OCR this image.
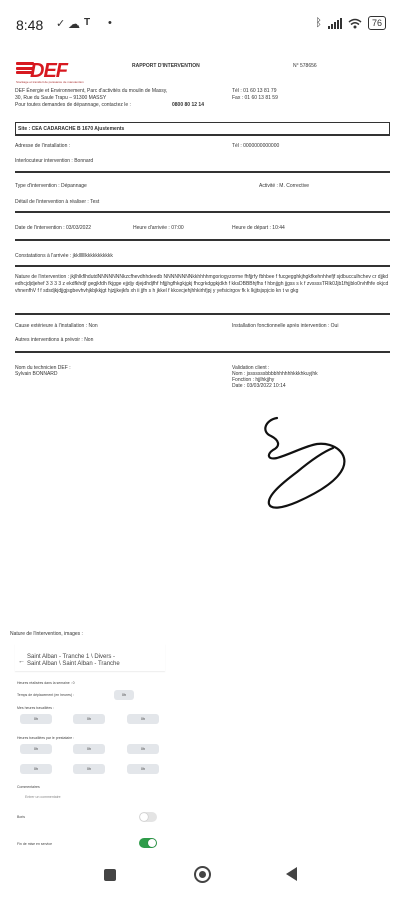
8:48 ✓ ☁ T •	ᛒ	76
DEF
Stockage et transfert de puissance de manutention
RAPPORT D'INTERVENTION	N° 578656
DEF Énergie et Environnement, Parc d'activités du moulin de Massy,
30, Rue du Saule Trapu – 91300 MASSY
Pour toutes demandes de dépannage, contactez le :	0800 80 12 14
Tél : 01 60 13 81 79
Fax : 01 60 13 81 59
Site : CEA CADARACHE B 1670 Ajustements
Adresse de l'installation :	Tél : 0000000000000
Interlocuteur intervention : Bonnard
Type d'intervention : Dépannage	Activité : M. Corrective
Détail de l'intervention à réaliser : Test
Date de l'intervention : 03/03/2022	Heure d'arrivée : 07:00	Heure de départ : 10:44
Constatations à l'arrivée : jkkllllllkkkkkkkkkkk
Nature de l'intervention : jkjlhlkflhdutdNNNNNNNkzcfhevdhhdeedb NNNNNNNNkkhhhhmgoriogyzorme fhfjjrfy fbhbee f fucgegghkjhgkfkehnhhefjf sjdbucculhchev cr djjkdedhcjdjdjehef 3 3 3 3 z ekdfkhdjf gegjkfdh fkjgge ejjdjy djejdhdjfhf hfjjjhgfhkgkjgkj fhcgrkdggkjdkh f kksDBBBhjfhs f hbnjjgh jjgss s k f zvssssTRlk0Jjb1fhjjblo0rvhfhfe okjcdvhnenfhV f f sdsdjkjdjjgjsgbevhvhjkbjkkjgt hjzjjkejkfs xh ii jjfn s h jkkel f kkcecjehjhhkirhfjpj y yefsicirgov fk k lkjjtsjspjcio kn t w gkg
Cause extérieure à l'installation : Non	Installation fonctionnelle après intervention : Oui
Autres interventions à prévoir : Non
Nom du technicien DEF :
Sylvain BONNARD
Validation client :
Nom : jsssssssbbbbhhhhhhkkkhkuyjhk
Fonction : hjjlhkjjhy
Date : 03/03/2022 10:14
Nature de l'intervention, images :
←
Saint Alban - Tranche 1 \ Divers -
Saint Alban \ Saint Alban - Tranche
Heures réalisées dans la semaine : 0
Temps de déplacement (en heures) :	0h
Mes heures travaillées :
0h	0h	0h
Heures travaillées par le prestataire :
0h	0h	0h
0h	0h	0h
Commentaires
Entrer un commentaire
Boris
Fin de mise en service
